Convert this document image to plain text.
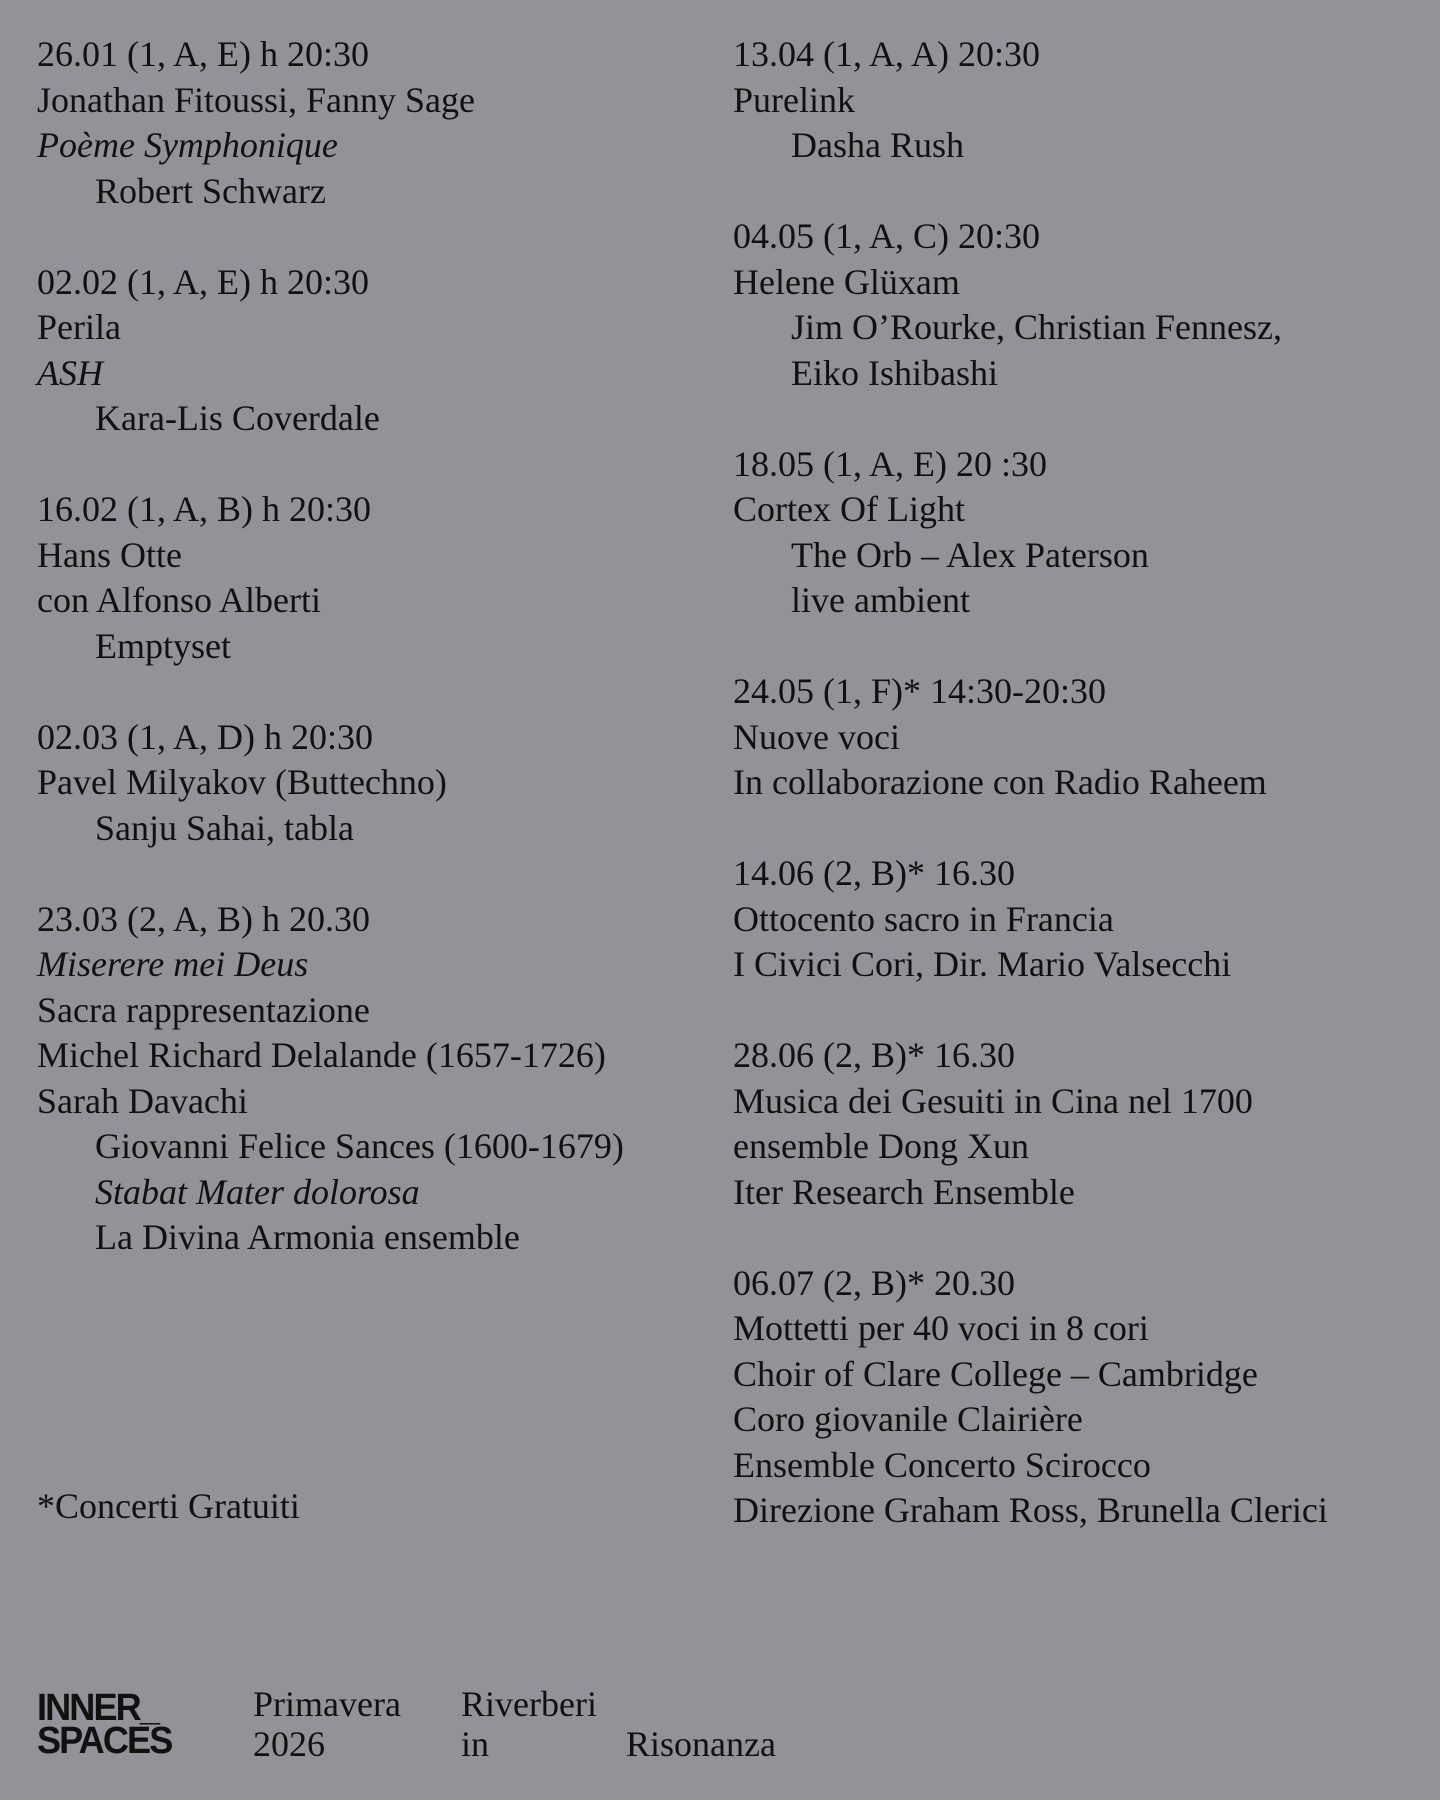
26.01 (1, A, E) h 20:30
Jonathan Fitoussi, Fanny Sage
Poème Symphonique
Robert Schwarz
02.02 (1, A, E) h 20:30
Perila
ASH
Kara-Lis Coverdale
16.02 (1, A, B) h 20:30
Hans Otte
con Alfonso Alberti
Emptyset
02.03 (1, A, D) h 20:30
Pavel Milyakov (Buttechno)
Sanju Sahai, tabla
23.03 (2, A, B) h 20.30
Miserere mei Deus
Sacra rappresentazione
Michel Richard Delalande (1657-1726)
Sarah Davachi
Giovanni Felice Sances (1600-1679)
Stabat Mater dolorosa
La Divina Armonia ensemble
13.04 (1, A, A) 20:30
Purelink
Dasha Rush
04.05 (1, A, C) 20:30
Helene Glüxam
Jim O’Rourke, Christian Fennesz,
Eiko Ishibashi
18.05 (1, A, E) 20 :30
Cortex Of Light
The Orb – Alex Paterson
live ambient
24.05 (1, F)* 14:30-20:30
Nuove voci
In collaborazione con Radio Raheem
14.06 (2, B)* 16.30
Ottocento sacro in Francia
I Civici Cori, Dir. Mario Valsecchi
28.06 (2, B)* 16.30
Musica dei Gesuiti in Cina nel 1700
ensemble Dong Xun
Iter Research Ensemble
06.07 (2, B)* 20.30
Mottetti per 40 voci in 8 cori
Choir of Clare College – Cambridge
Coro giovanile Clairière
Ensemble Concerto Scirocco
Direzione Graham Ross, Brunella Clerici
*Concerti Gratuiti
INNER_
SPACES
Primavera
2026
Riverberi
in	Risonanza
